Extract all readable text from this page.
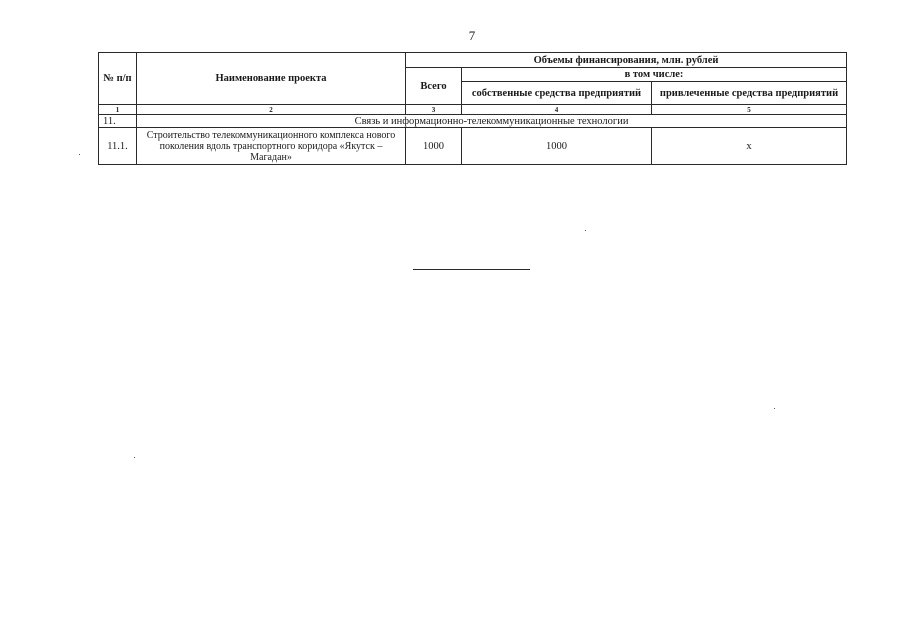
7
№ п/п	Наименование проекта	Объемы финансирования, млн. рублей		
		Всего	в том числе:	
			собственные средства предприятий	привлеченные средства предприятий
1	2	3	4	5
11.	Связь и информационно-телекоммуникационные технологии			
11.1.	Строительство телекоммуникационного комплекса нового поколения вдоль транспортного коридора «Якутск – Магадан»	1000	1000	x
